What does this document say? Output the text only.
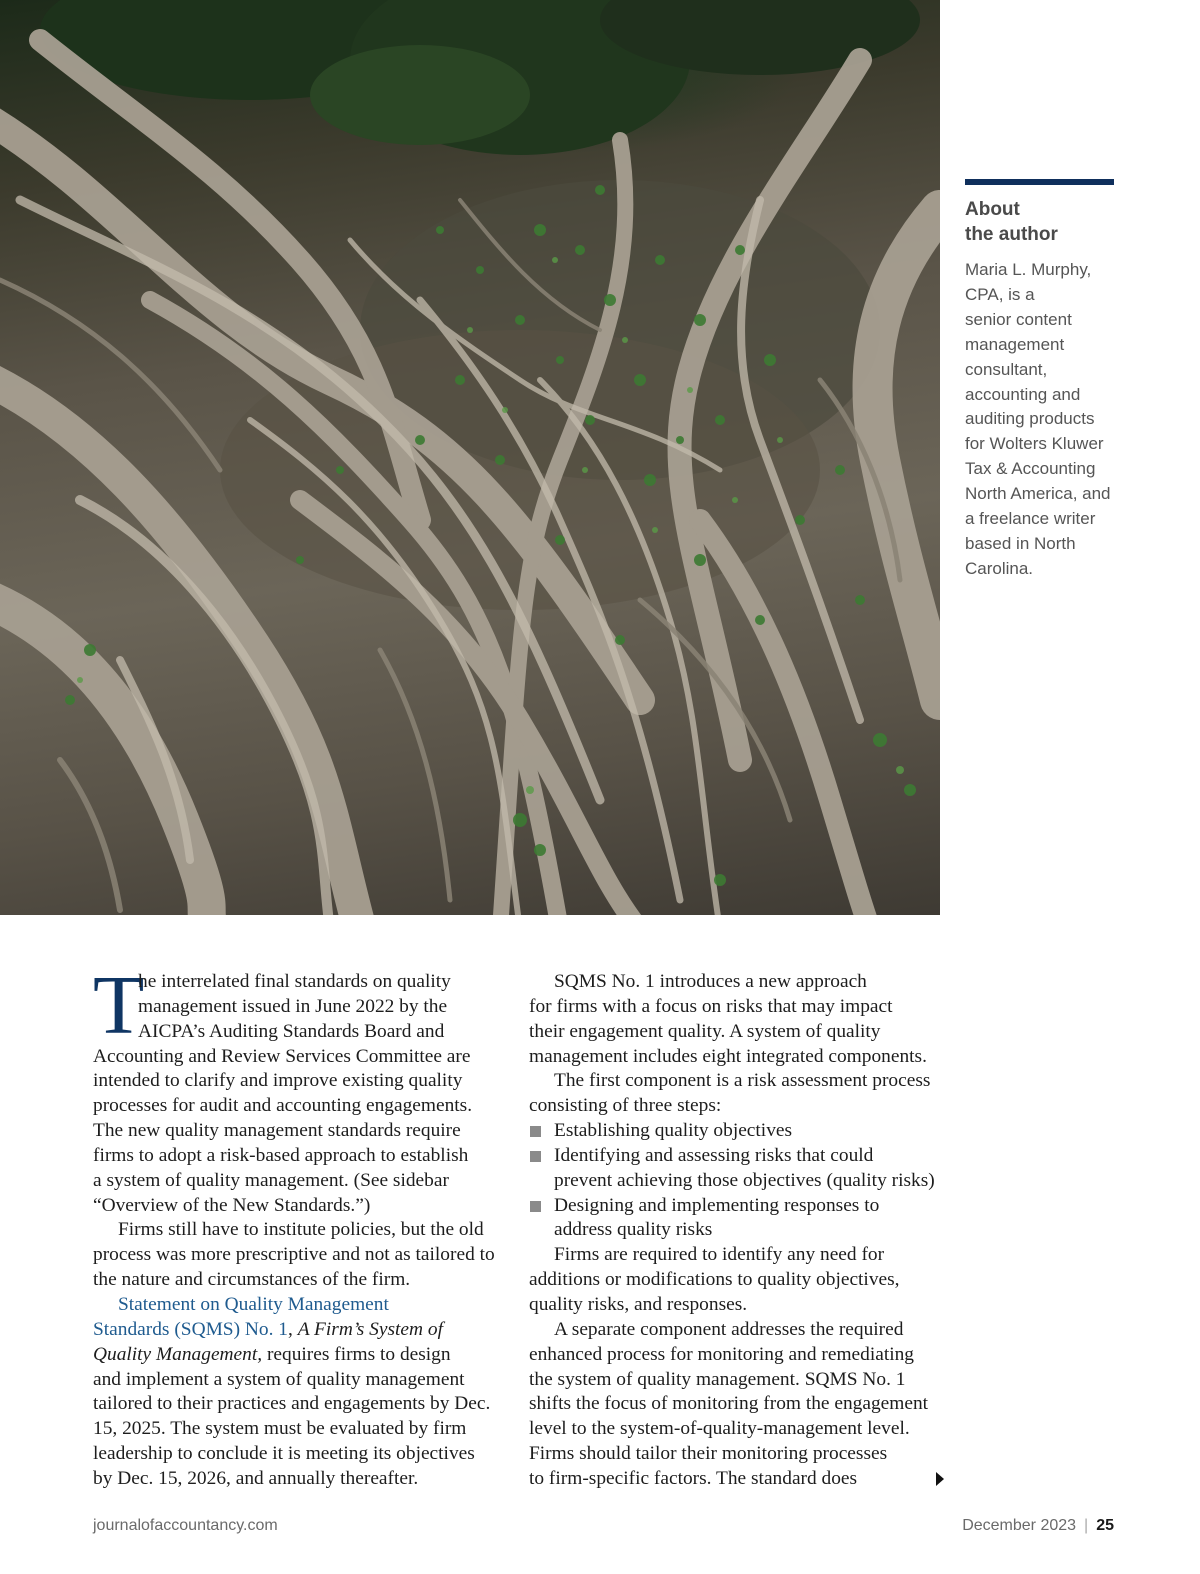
About
the author
Maria L. Murphy,
CPA, is a
senior content
management
consultant,
accounting and
auditing products
for Wolters Kluwer
Tax & Accounting
North America, and
a freelance writer
based in North
Carolina.
T
he interrelated final standards on quality
management issued in June 2022 by the
AICPA’s Auditing Standards Board and
Accounting and Review Services Committee are
intended to clarify and improve existing quality
processes for audit and accounting engagements.
The new quality management standards require
firms to adopt a risk-based approach to establish
a system of quality management. (See sidebar
“Overview of the New Standards.”)
Firms still have to institute policies, but the old
process was more prescriptive and not as tailored to
the nature and circumstances of the firm.
Statement on Quality Management
Standards (SQMS) No. 1, A Firm’s System of
Quality Management, requires firms to design
and implement a system of quality management
tailored to their practices and engagements by Dec.
15, 2025. The system must be evaluated by firm
leadership to conclude it is meeting its objectives
by Dec. 15, 2026, and annually thereafter.
SQMS No. 1 introduces a new approach
for firms with a focus on risks that may impact
their engagement quality. A system of quality
management includes eight integrated components.
The first component is a risk assessment process
consisting of three steps:
Establishing quality objectives
Identifying and assessing risks that could
prevent achieving those objectives (quality risks)
Designing and implementing responses to
address quality risks
Firms are required to identify any need for
additions or modifications to quality objectives,
quality risks, and responses.
A separate component addresses the required
enhanced process for monitoring and remediating
the system of quality management. SQMS No. 1
shifts the focus of monitoring from the engagement
level to the system-of-quality-management level.
Firms should tailor their monitoring processes
to firm-specific factors. The standard does
journalofaccountancy.com	December 2023 | 25
